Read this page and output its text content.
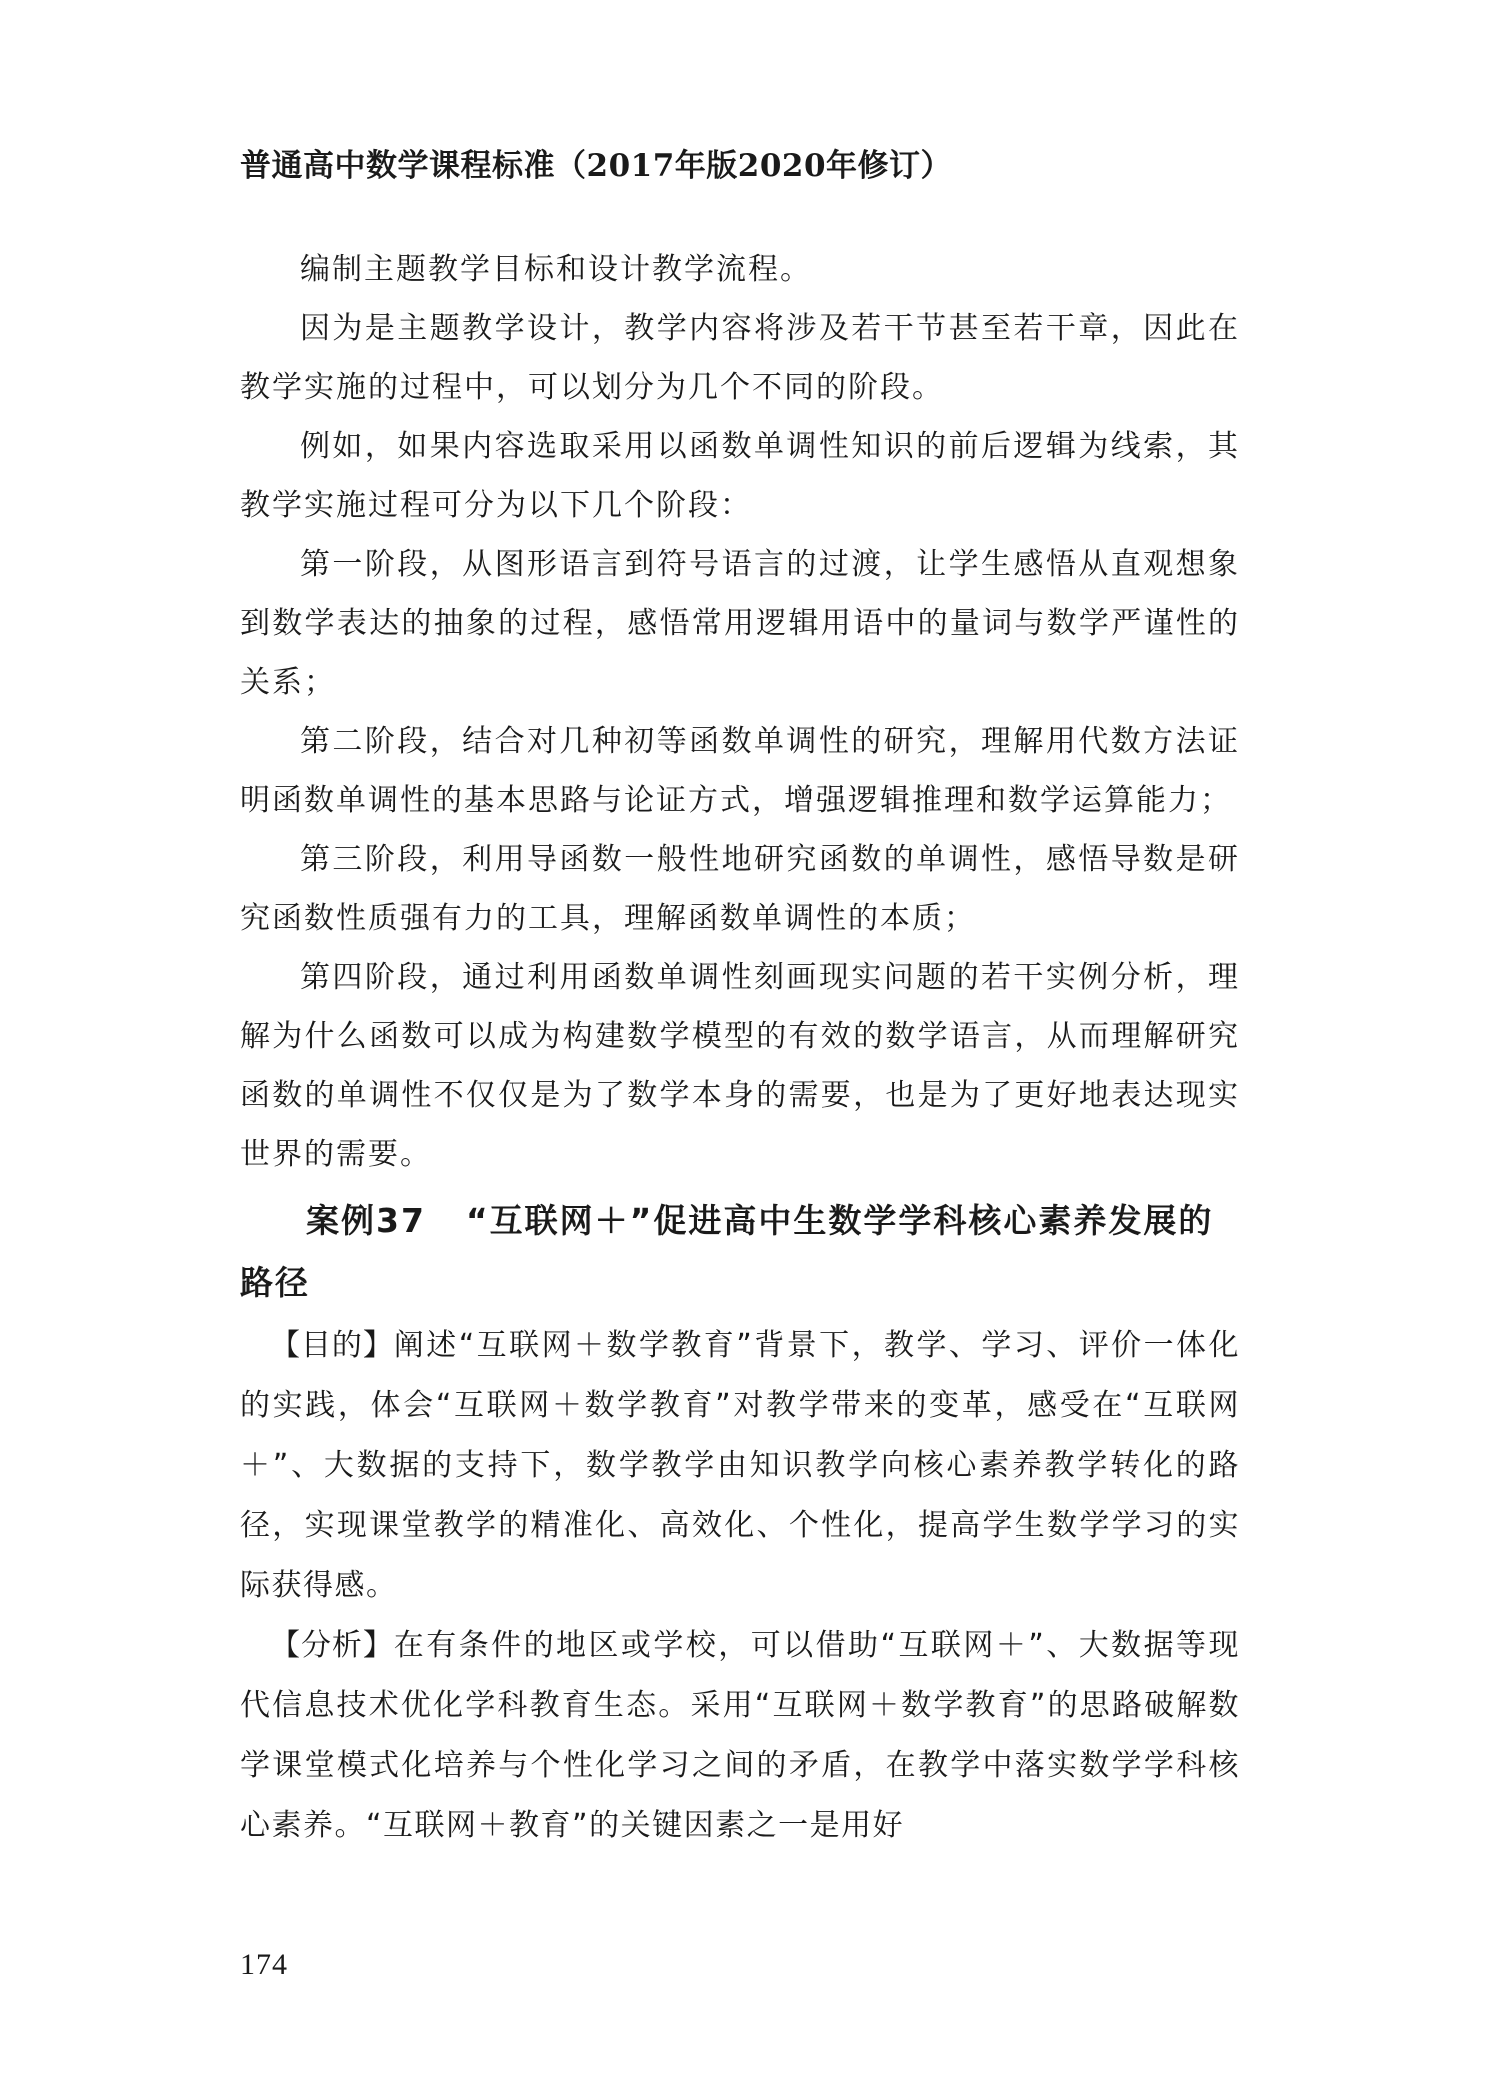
普通高中数学课程标准（2017年版2020年修订）

编制主题教学目标和设计教学流程。

因为是主题教学设计，教学内容将涉及若干节甚至若干章，因此在教学实施的过程中，可以划分为几个不同的阶段。

例如，如果内容选取采用以函数单调性知识的前后逻辑为线索，其教学实施过程可分为以下几个阶段：

第一阶段，从图形语言到符号语言的过渡，让学生感悟从直观想象到数学表达的抽象的过程，感悟常用逻辑用语中的量词与数学严谨性的关系；

第二阶段，结合对几种初等函数单调性的研究，理解用代数方法证明函数单调性的基本思路与论证方式，增强逻辑推理和数学运算能力；

第三阶段，利用导函数一般性地研究函数的单调性，感悟导数是研究函数性质强有力的工具，理解函数单调性的本质；

第四阶段，通过利用函数单调性刻画现实问题的若干实例分析，理解为什么函数可以成为构建数学模型的有效的数学语言，从而理解研究函数的单调性不仅仅是为了数学本身的需要，也是为了更好地表达现实世界的需要。

案例37 “互联网＋”促进高中生数学学科核心素养发展的路径

【目的】阐述“互联网＋数学教育”背景下，教学、学习、评价一体化的实践，体会“互联网＋数学教育”对教学带来的变革，感受在“互联网＋”、大数据的支持下，数学教学由知识教学向核心素养教学转化的路径，实现课堂教学的精准化、高效化、个性化，提高学生数学学习的实际获得感。

【分析】在有条件的地区或学校，可以借助“互联网＋”、大数据等现代信息技术优化学科教育生态。采用“互联网＋数学教育”的思路破解数学课堂模式化培养与个性化学习之间的矛盾，在教学中落实数学学科核心素养。“互联网＋教育”的关键因素之一是用好

174
